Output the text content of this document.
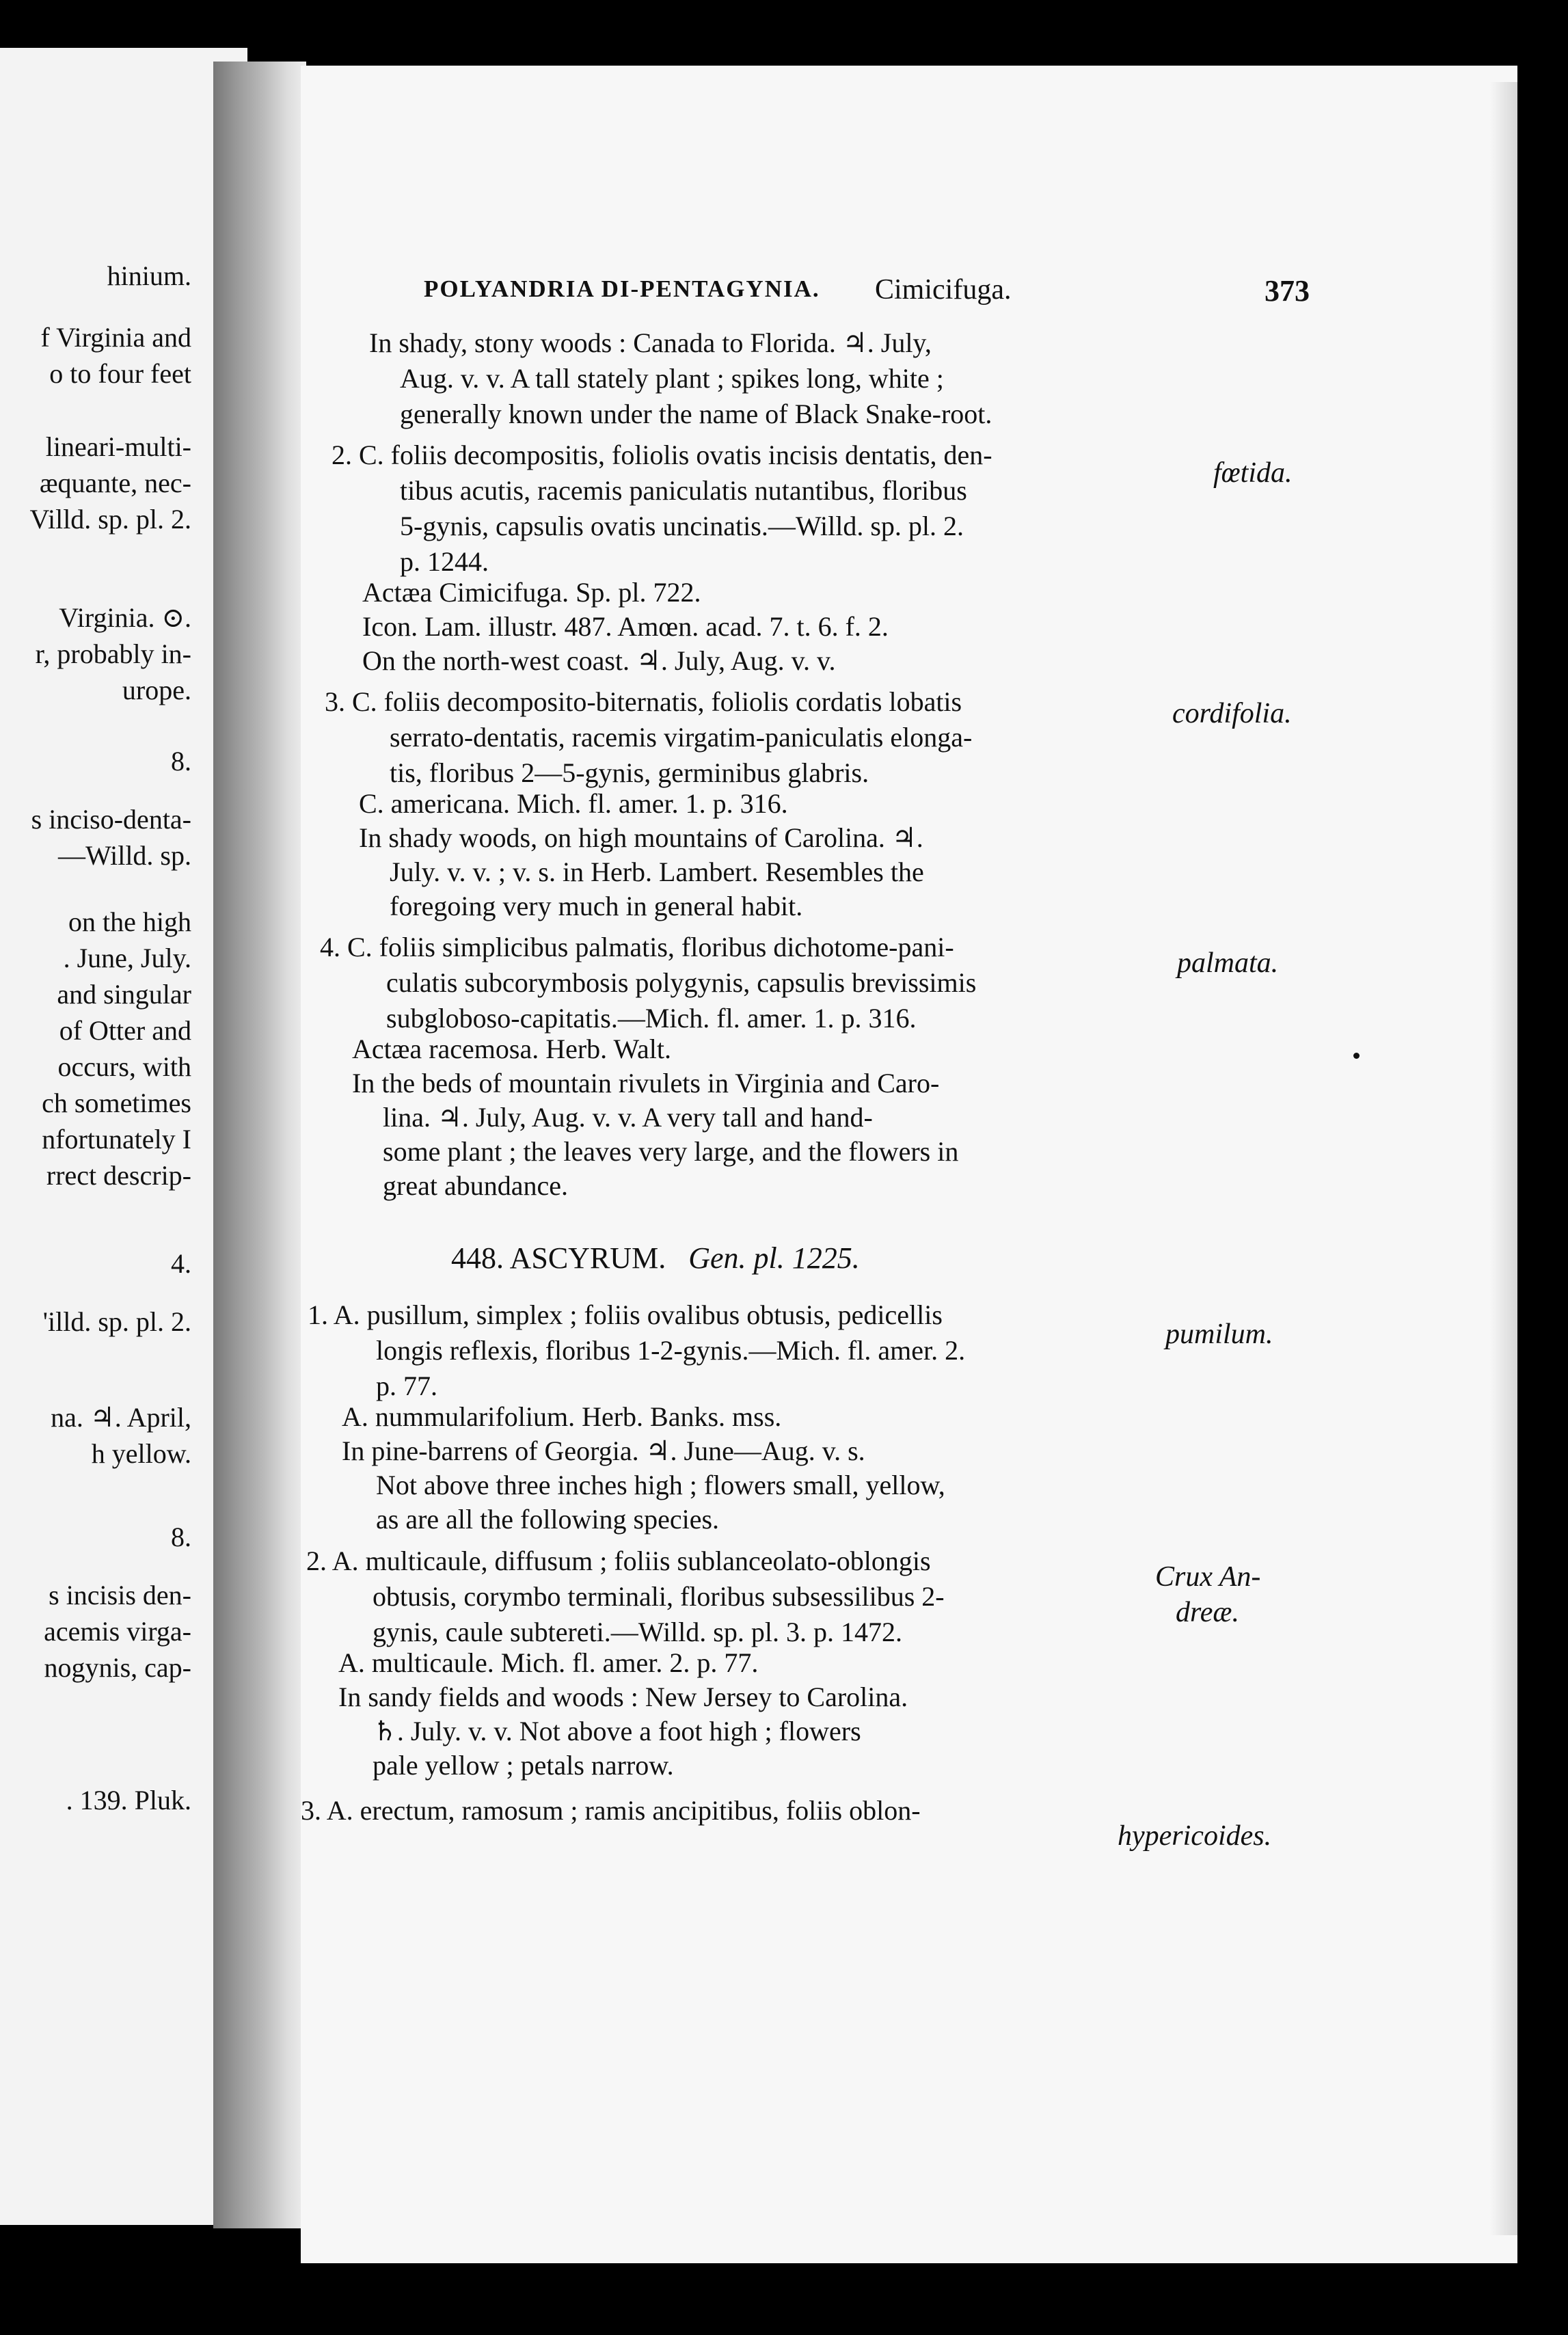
hinium.
f Virginia and
o to four feet
lineari-multi-
æquante, nec-
Villd. sp. pl. 2.
Virginia. ⊙.
r, probably in-
urope.
8.
s inciso-denta-
—Willd. sp.
on the high
. June, July.
and singular
of Otter and
occurs, with
ch sometimes
nfortunately I
rrect descrip-
4.
'illd. sp. pl. 2.
na. ♃. April,
h yellow.
8.
s incisis den-
acemis virga-
nogynis, cap-
. 139. Pluk.
POLYANDRIA DI-PENTAGYNIA. Cimicifuga.	373
In shady, stony woods : Canada to Florida. ♃. July,
Aug. v. v. A tall stately plant ; spikes long, white ;
generally known under the name of Black Snake-root.
2. C. foliis decompositis, foliolis ovatis incisis dentatis, den-
tibus acutis, racemis paniculatis nutantibus, floribus
5-gynis, capsulis ovatis uncinatis.—Willd. sp. pl. 2.
p. 1244.
Actæa Cimicifuga. Sp. pl. 722.
Icon. Lam. illustr. 487. Amœn. acad. 7. t. 6. f. 2.
On the north-west coast. ♃. July, Aug. v. v.
3. C. foliis decomposito-biternatis, foliolis cordatis lobatis
serrato-dentatis, racemis virgatim-paniculatis elonga-
tis, floribus 2—5-gynis, germinibus glabris.
C. americana. Mich. fl. amer. 1. p. 316.
In shady woods, on high mountains of Carolina. ♃.
July. v. v. ; v. s. in Herb. Lambert. Resembles the
foregoing very much in general habit.
4. C. foliis simplicibus palmatis, floribus dichotome-pani-
culatis subcorymbosis polygynis, capsulis brevissimis
subgloboso-capitatis.—Mich. fl. amer. 1. p. 316.
Actæa racemosa. Herb. Walt.
In the beds of mountain rivulets in Virginia and Caro-
lina. ♃. July, Aug. v. v. A very tall and hand-
some plant ; the leaves very large, and the flowers in
great abundance.
1. A. pusillum, simplex ; foliis ovalibus obtusis, pedicellis
longis reflexis, floribus 1-2-gynis.—Mich. fl. amer. 2.
p. 77.
A. nummularifolium. Herb. Banks. mss.
In pine-barrens of Georgia. ♃. June—Aug. v. s.
Not above three inches high ; flowers small, yellow,
as are all the following species.
2. A. multicaule, diffusum ; foliis sublanceolato-oblongis
obtusis, corymbo terminali, floribus subsessilibus 2-
gynis, caule subtereti.—Willd. sp. pl. 3. p. 1472.
A. multicaule. Mich. fl. amer. 2. p. 77.
In sandy fields and woods : New Jersey to Carolina.
♄. July. v. v. Not above a foot high ; flowers
pale yellow ; petals narrow.
3. A. erectum, ramosum ; ramis ancipitibus, foliis oblon-
448. ASCYRUM. Gen. pl. 1225.
fœtida.
cordifolia.
palmata.
pumilum.
Crux An-
dreæ.
hypericoides.
